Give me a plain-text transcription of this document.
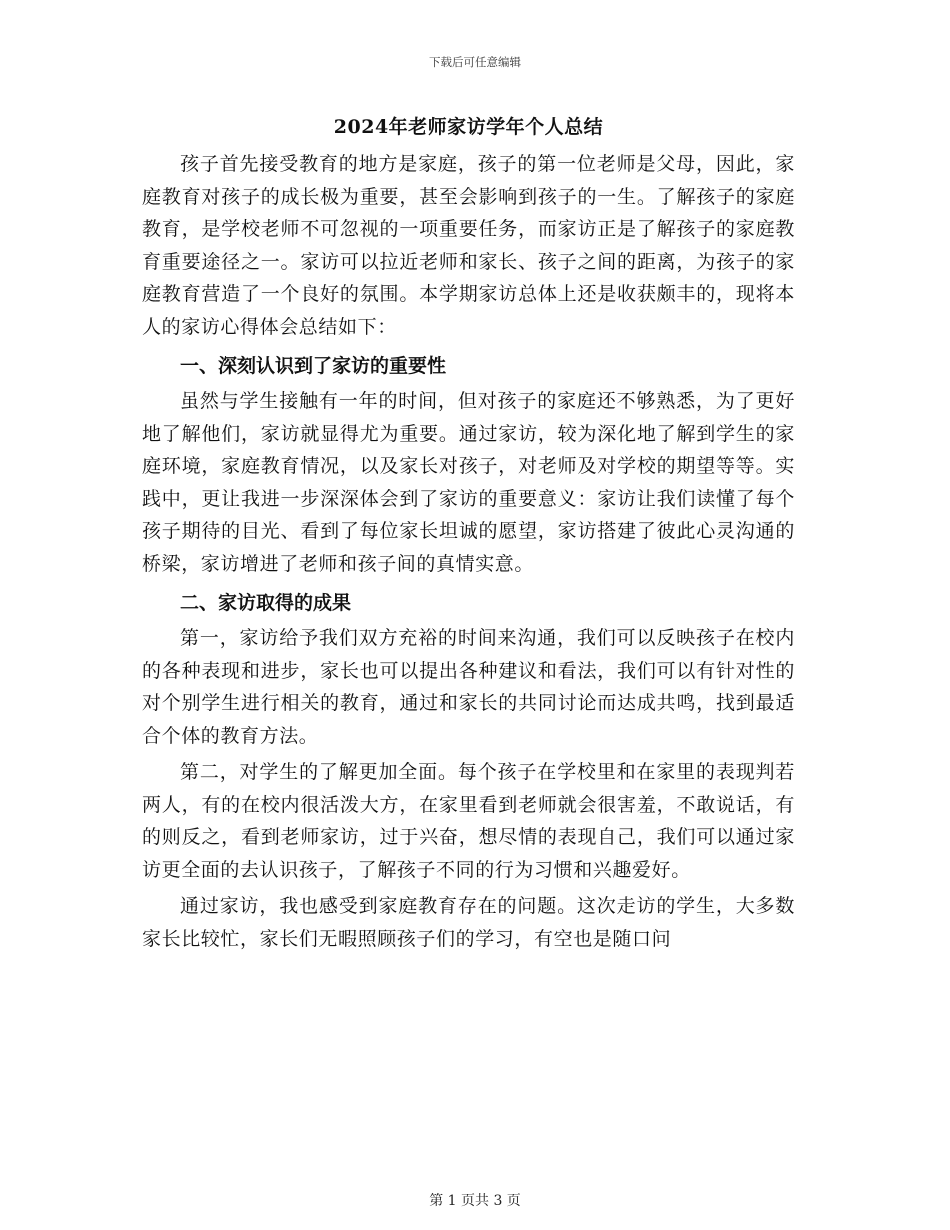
下载后可任意编辑
2024年老师家访学年个人总结

孩子首先接受教育的地方是家庭，孩子的第一位老师是父母，因此，家庭教育对孩子的成长极为重要，甚至会影响到孩子的一生。了解孩子的家庭教育，是学校老师不可忽视的一项重要任务，而家访正是了解孩子的家庭教育重要途径之一。家访可以拉近老师和家长、孩子之间的距离，为孩子的家庭教育营造了一个良好的氛围。本学期家访总体上还是收获颇丰的，现将本人的家访心得体会总结如下：

一、深刻认识到了家访的重要性

虽然与学生接触有一年的时间，但对孩子的家庭还不够熟悉，为了更好地了解他们，家访就显得尤为重要。通过家访，较为深化地了解到学生的家庭环境，家庭教育情况，以及家长对孩子，对老师及对学校的期望等等。实践中，更让我进一步深深体会到了家访的重要意义：家访让我们读懂了每个孩子期待的目光、看到了每位家长坦诚的愿望，家访搭建了彼此心灵沟通的桥梁，家访增进了老师和孩子间的真情实意。

二、家访取得的成果

第一，家访给予我们双方充裕的时间来沟通，我们可以反映孩子在校内的各种表现和进步，家长也可以提出各种建议和看法，我们可以有针对性的对个别学生进行相关的教育，通过和家长的共同讨论而达成共鸣，找到最适合个体的教育方法。

第二，对学生的了解更加全面。每个孩子在学校里和在家里的表现判若两人，有的在校内很活泼大方，在家里看到老师就会很害羞，不敢说话，有的则反之，看到老师家访，过于兴奋，想尽情的表现自己，我们可以通过家访更全面的去认识孩子，了解孩子不同的行为习惯和兴趣爱好。

通过家访，我也感受到家庭教育存在的问题。这次走访的学生，大多数家长比较忙，家长们无暇照顾孩子们的学习，有空也是随口问

第 1 页共 3 页
